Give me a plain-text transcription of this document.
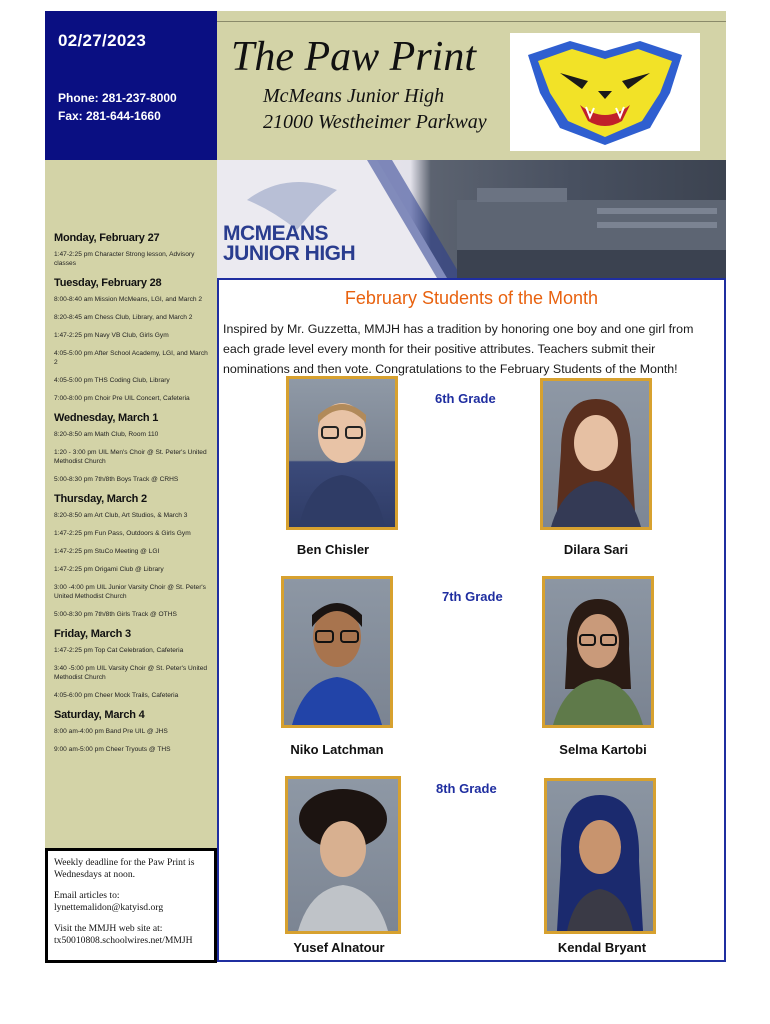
02/27/2023
Phone: 281-237-8000
Fax: 281-644-1660
The Paw Print
McMeans Junior High
21000 Westheimer Parkway
MCMEANS
JUNIOR HIGH
Monday, February 27
1:47-2:25 pm Character Strong lesson, Advisory classes
Tuesday, February 28
8:00-8:40 am Mission McMeans, LGI, and March 2
8:20-8:45 am Chess Club, Library, and March 2
1:47-2:25 pm Navy VB Club, Girls Gym
4:05-5:00 pm After School Academy, LGI, and March 2
4:05-5:00 pm THS Coding Club, Library
7:00-8:00 pm Choir Pre UIL Concert, Cafeteria
Wednesday, March 1
8:20-8:50 am Math Club, Room 110
1:20 - 3:00 pm UIL Men's Choir @ St. Peter's United Methodist Church
5:00-8:30 pm 7th/8th Boys Track @ CRHS
Thursday, March 2
8:20-8:50 am Art Club, Art Studios, & March 3
1:47-2:25 pm Fun Pass, Outdoors & Girls Gym
1:47-2:25 pm StuCo Meeting @ LGI
1:47-2:25 pm Origami Club @ Library
3:00 -4:00 pm UIL Junior Varsity Choir @ St. Peter's United Methodist Church
5:00-8:30 pm 7th/8th Girls Track @ OTHS
Friday, March 3
1:47-2:25 pm Top Cat Celebration, Cafeteria
3:40 -5:00 pm UIL Varsity Choir @ St. Peter's United Methodist Church
4:05-6:00 pm Cheer Mock Trails, Cafeteria
Saturday, March 4
8:00 am-4:00 pm Band Pre UIL @ JHS
9:00 am-5:00 pm Cheer Tryouts @ THS

Weekly deadline for the Paw Print is Wednesdays at noon.

Email articles to: lynettemalidon@katyisd.org

Visit the MMJH web site at: tx50010808.schoolwires.net/MMJH

February Students of the Month
Inspired by Mr. Guzzetta, MMJH has a tradition by honoring one boy and one girl from each grade level every month for their positive attributes. Teachers submit their nominations and then vote. Congratulations to the February Students of the Month!
6th Grade
Ben Chisler	Dilara Sari
7th Grade
Niko Latchman	Selma Kartobi
8th Grade
Yusef Alnatour	Kendal Bryant
